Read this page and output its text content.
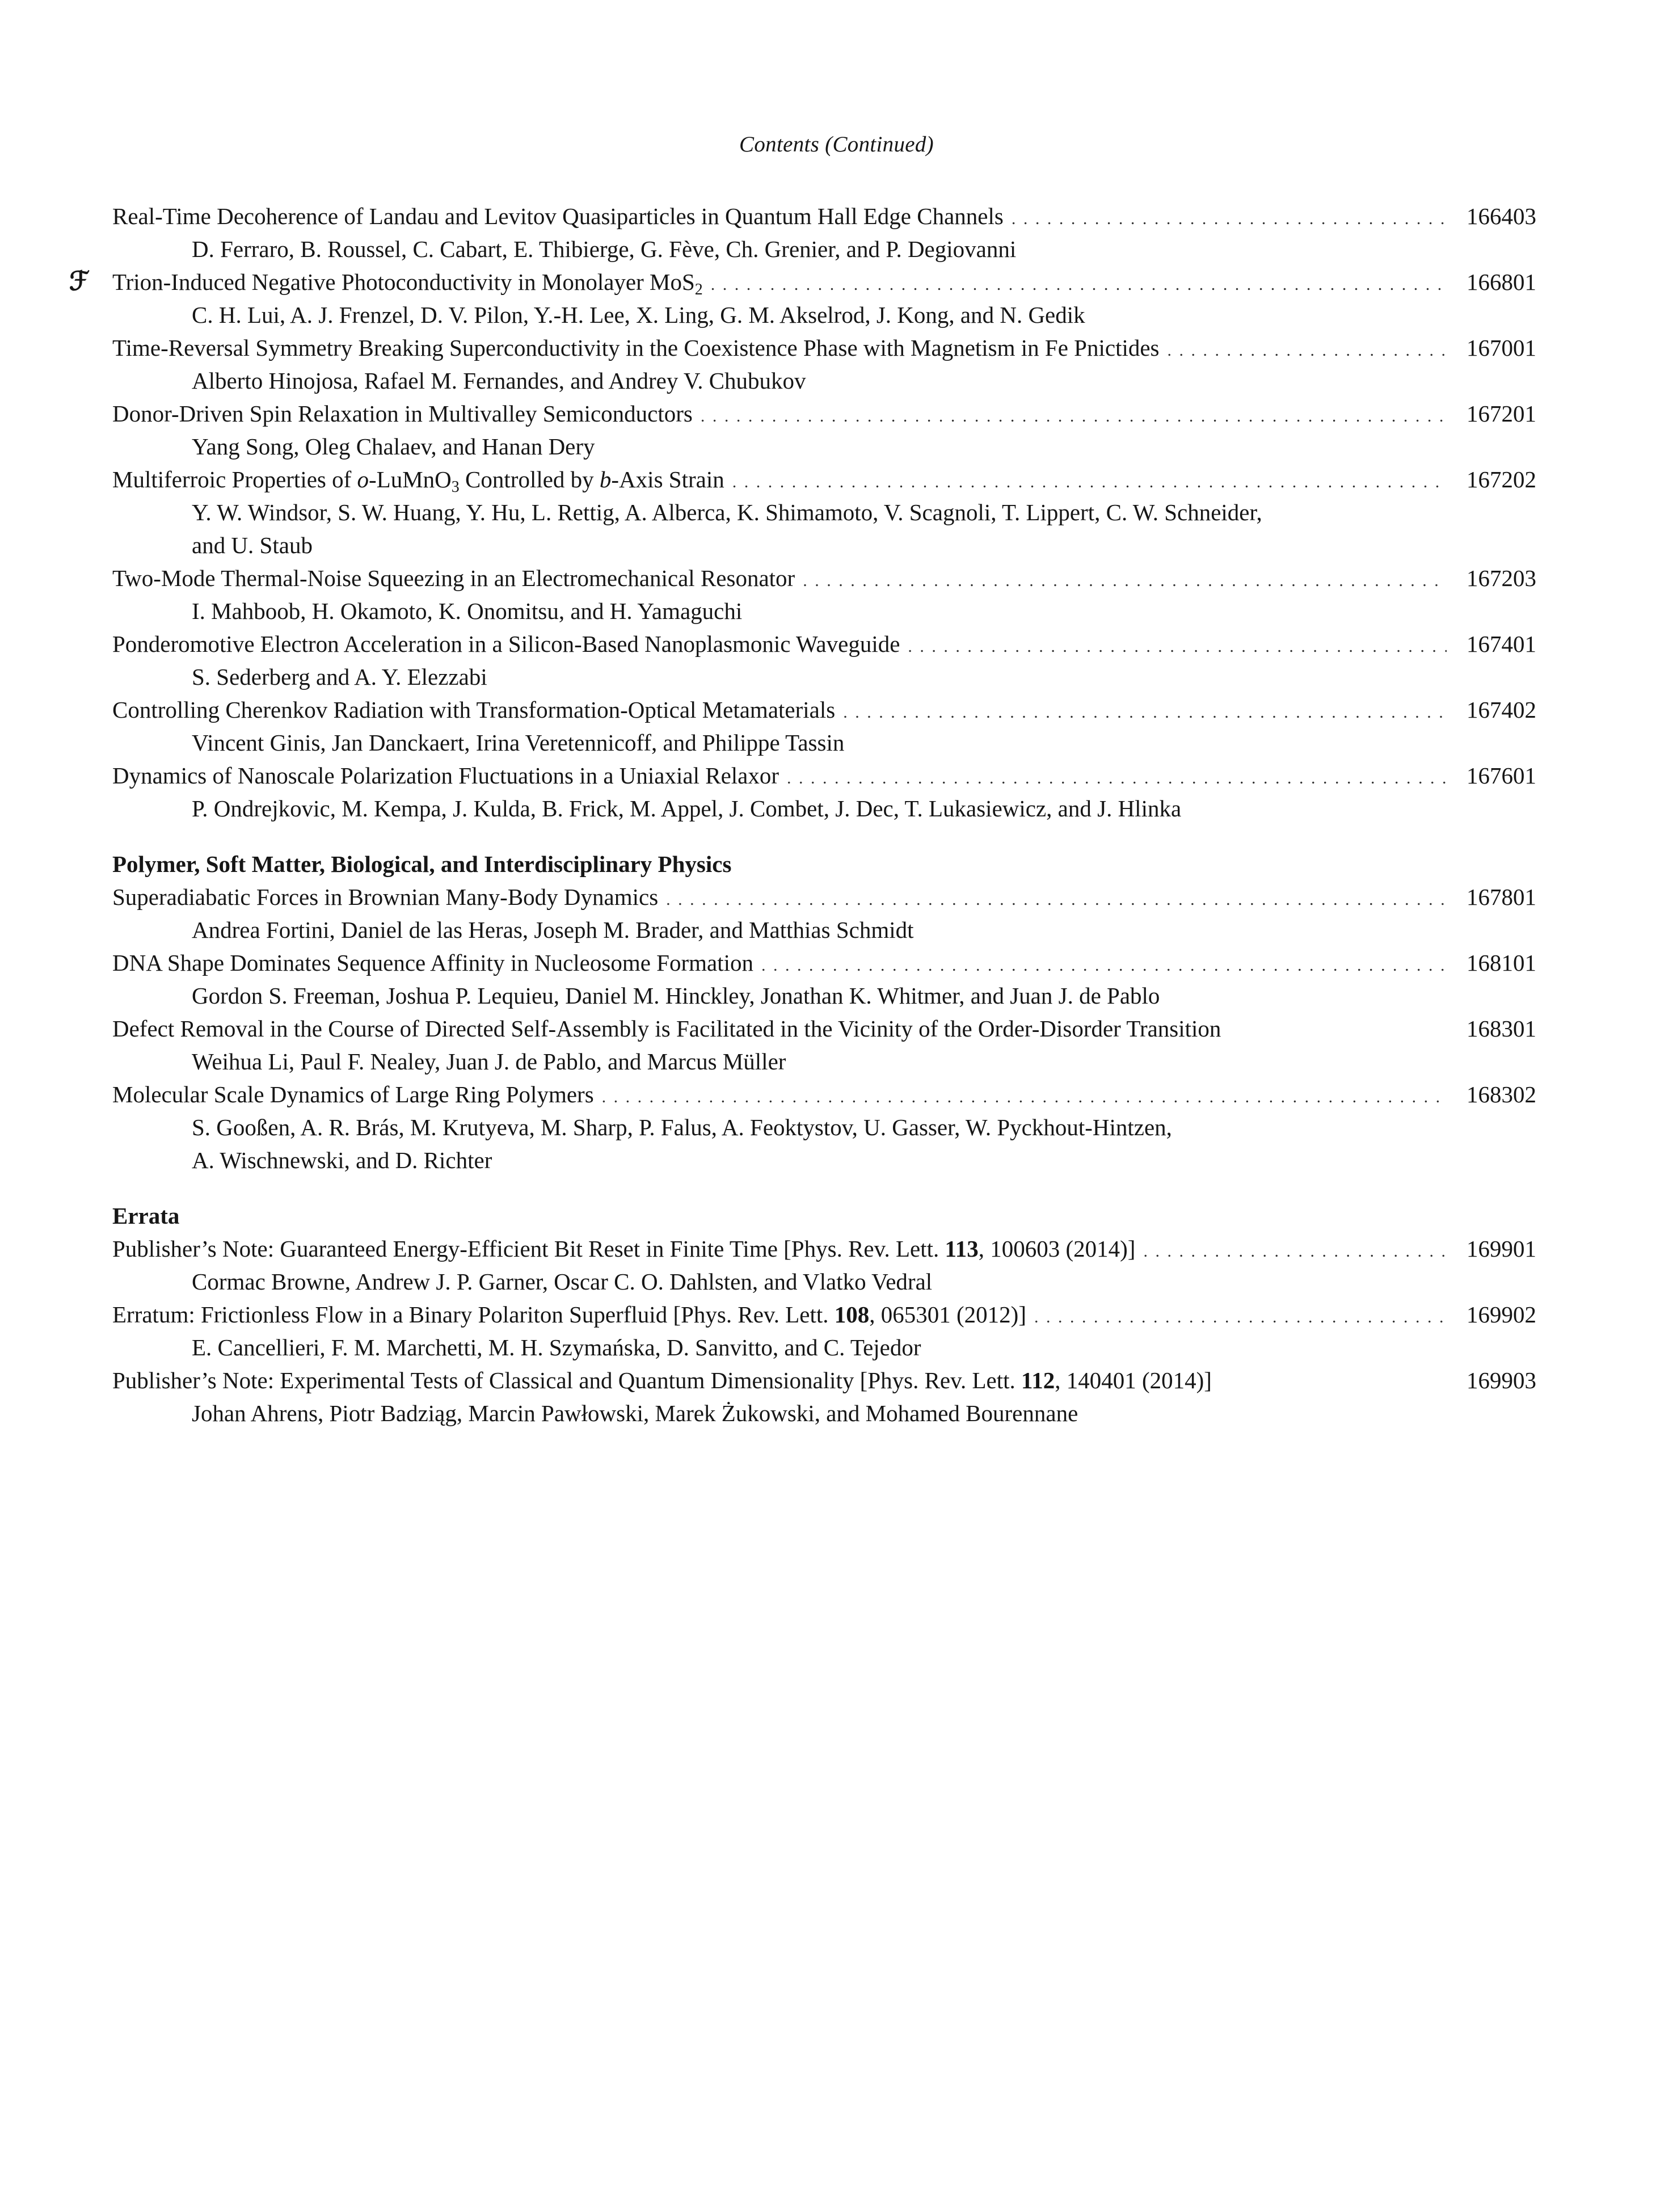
Contents (Continued)
Real-Time Decoherence of Landau and Levitov Quasiparticles in Quantum Hall Edge Channels . . .	166403
D. Ferraro, B. Roussel, C. Cabart, E. Thibierge, G. Fève, Ch. Grenier, and P. Degiovanni
ℱ Trion-Induced Negative Photoconductivity in Monolayer MoS$_2$ . . .	166801
C. H. Lui, A. J. Frenzel, D. V. Pilon, Y.-H. Lee, X. Ling, G. M. Akselrod, J. Kong, and N. Gedik
Time-Reversal Symmetry Breaking Superconductivity in the Coexistence Phase with Magnetism in Fe Pnictides . . .	167001
Alberto Hinojosa, Rafael M. Fernandes, and Andrey V. Chubukov
Donor-Driven Spin Relaxation in Multivalley Semiconductors . . .	167201
Yang Song, Oleg Chalaev, and Hanan Dery
Multiferroic Properties of o-LuMnO$_3$ Controlled by b-Axis Strain . . .	167202
Y. W. Windsor, S. W. Huang, Y. Hu, L. Rettig, A. Alberca, K. Shimamoto, V. Scagnoli, T. Lippert, C. W. Schneider,
and U. Staub
Two-Mode Thermal-Noise Squeezing in an Electromechanical Resonator . . .	167203
I. Mahboob, H. Okamoto, K. Onomitsu, and H. Yamaguchi
Ponderomotive Electron Acceleration in a Silicon-Based Nanoplasmonic Waveguide . . .	167401
S. Sederberg and A. Y. Elezzabi
Controlling Cherenkov Radiation with Transformation-Optical Metamaterials . . .	167402
Vincent Ginis, Jan Danckaert, Irina Veretennicoff, and Philippe Tassin
Dynamics of Nanoscale Polarization Fluctuations in a Uniaxial Relaxor . . .	167601
P. Ondrejkovic, M. Kempa, J. Kulda, B. Frick, M. Appel, J. Combet, J. Dec, T. Lukasiewicz, and J. Hlinka
Polymer, Soft Matter, Biological, and Interdisciplinary Physics
Superadiabatic Forces in Brownian Many-Body Dynamics . . .	167801
Andrea Fortini, Daniel de las Heras, Joseph M. Brader, and Matthias Schmidt
DNA Shape Dominates Sequence Affinity in Nucleosome Formation . . .	168101
Gordon S. Freeman, Joshua P. Lequieu, Daniel M. Hinckley, Jonathan K. Whitmer, and Juan J. de Pablo
Defect Removal in the Course of Directed Self-Assembly is Facilitated in the Vicinity of the Order-Disorder Transition	168301
Weihua Li, Paul F. Nealey, Juan J. de Pablo, and Marcus Müller
Molecular Scale Dynamics of Large Ring Polymers . . .	168302
S. Gooßen, A. R. Brás, M. Krutyeva, M. Sharp, P. Falus, A. Feoktystov, U. Gasser, W. Pyckhout-Hintzen,
A. Wischnewski, and D. Richter
Errata
Publisher’s Note: Guaranteed Energy-Efficient Bit Reset in Finite Time [Phys. Rev. Lett. 113, 100603 (2014)] . . .	169901
Cormac Browne, Andrew J. P. Garner, Oscar C. O. Dahlsten, and Vlatko Vedral
Erratum: Frictionless Flow in a Binary Polariton Superfluid [Phys. Rev. Lett. 108, 065301 (2012)] . . .	169902
E. Cancellieri, F. M. Marchetti, M. H. Szymańska, D. Sanvitto, and C. Tejedor
Publisher’s Note: Experimental Tests of Classical and Quantum Dimensionality [Phys. Rev. Lett. 112, 140401 (2014)]	169903
Johan Ahrens, Piotr Badziąg, Marcin Pawłowski, Marek Żukowski, and Mohamed Bourennane
